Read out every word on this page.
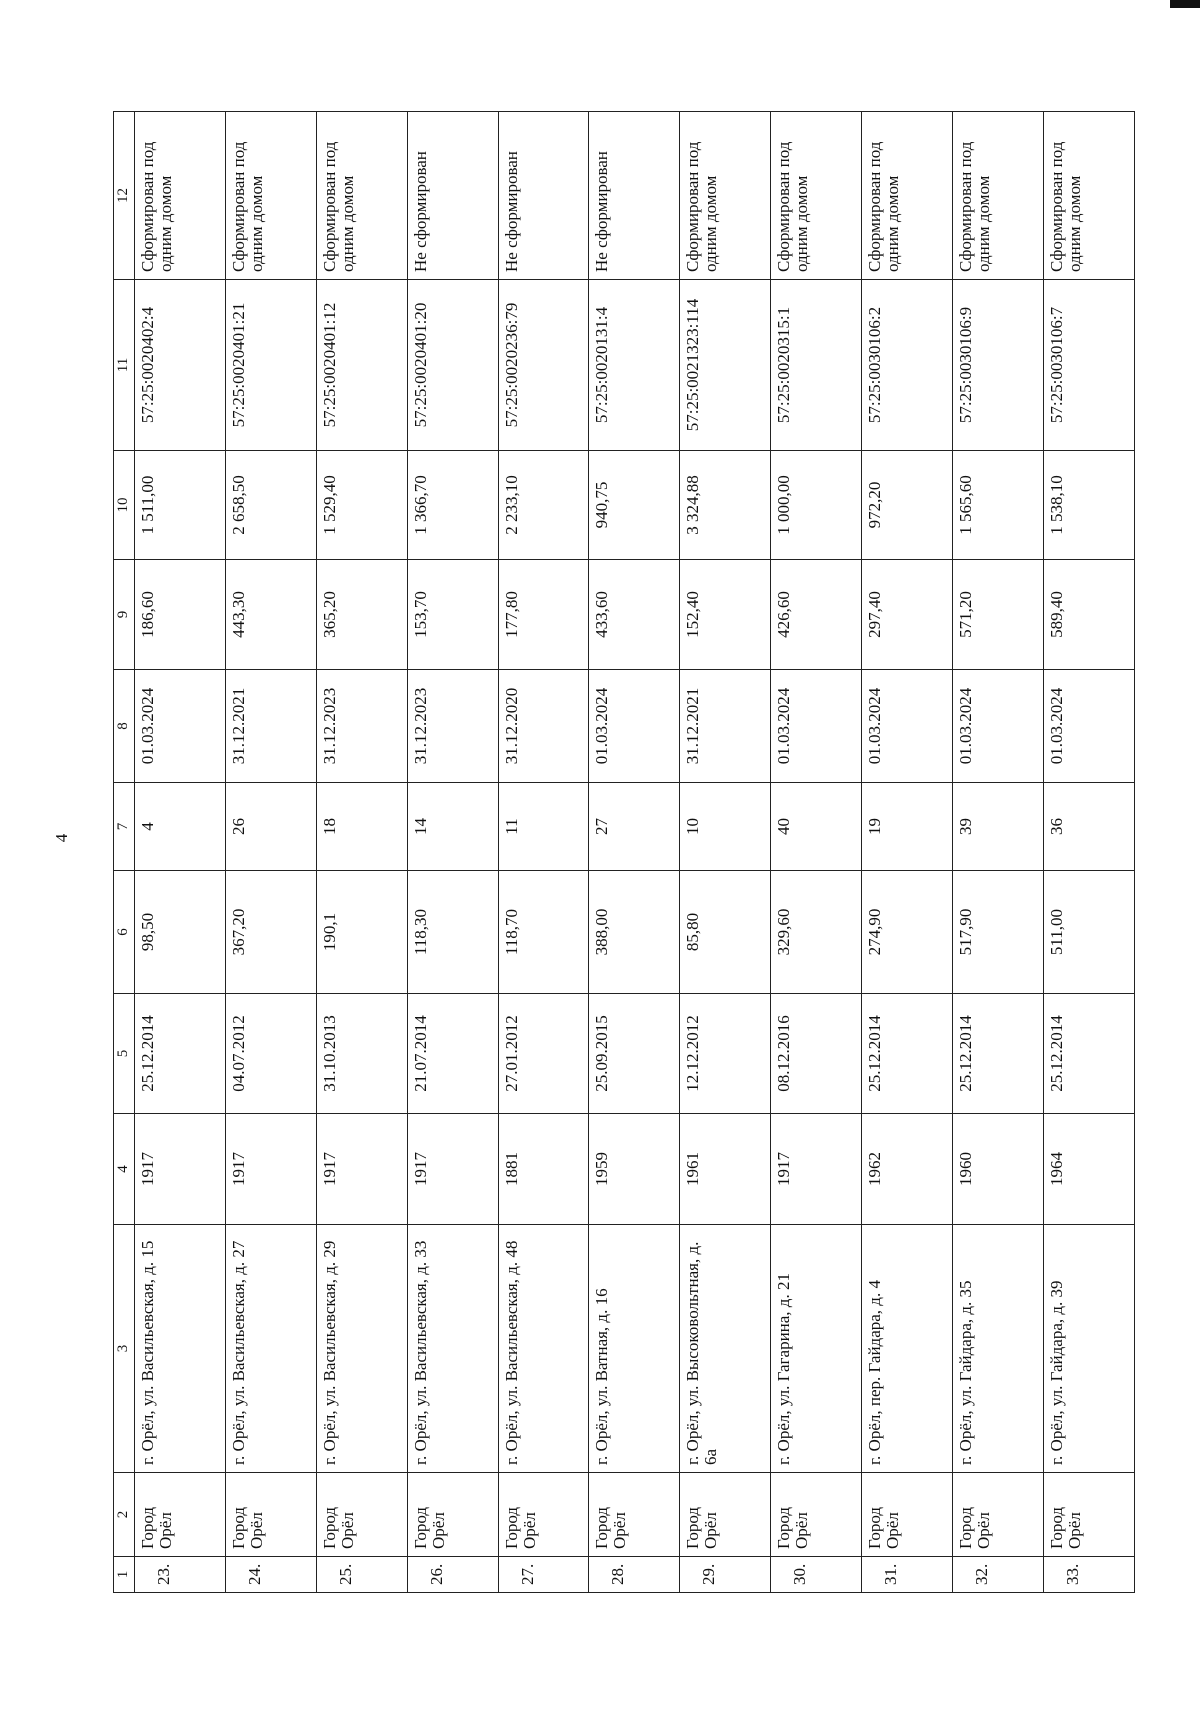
4
1	2	3	4	5	6	7	8	9	10	11	12
23.	Город Орёл	г. Орёл, ул. Васильевская, д. 15	1917	25.12.2014	98,50	4	01.03.2024	186,60	1 511,00	57:25:0020402:4	Сформирован под одним домом
24.	Город Орёл	г. Орёл, ул. Васильевская, д. 27	1917	04.07.2012	367,20	26	31.12.2021	443,30	2 658,50	57:25:0020401:21	Сформирован под одним домом
25.	Город Орёл	г. Орёл, ул. Васильевская, д. 29	1917	31.10.2013	190,1	18	31.12.2023	365,20	1 529,40	57:25:0020401:12	Сформирован под одним домом
26.	Город Орёл	г. Орёл, ул. Васильевская, д. 33	1917	21.07.2014	118,30	14	31.12.2023	153,70	1 366,70	57:25:0020401:20	Не сформирован
27.	Город Орёл	г. Орёл, ул. Васильевская, д. 48	1881	27.01.2012	118,70	11	31.12.2020	177,80	2 233,10	57:25:0020236:79	Не сформирован
28.	Город Орёл	г. Орёл, ул. Ватная, д. 16	1959	25.09.2015	388,00	27	01.03.2024	433,60	940,75	57:25:0020131:4	Не сформирован
29.	Город Орёл	г. Орёл, ул. Высоковольтная, д. 6а	1961	12.12.2012	85,80	10	31.12.2021	152,40	3 324,88	57:25:0021323:114	Сформирован под одним домом
30.	Город Орёл	г. Орёл, ул. Гагарина, д. 21	1917	08.12.2016	329,60	40	01.03.2024	426,60	1 000,00	57:25:0020315:1	Сформирован под одним домом
31.	Город Орёл	г. Орёл, пер. Гайдара, д. 4	1962	25.12.2014	274,90	19	01.03.2024	297,40	972,20	57:25:0030106:2	Сформирован под одним домом
32.	Город Орёл	г. Орёл, ул. Гайдара, д. 35	1960	25.12.2014	517,90	39	01.03.2024	571,20	1 565,60	57:25:0030106:9	Сформирован под одним домом
33.	Город Орёл	г. Орёл, ул. Гайдара, д. 39	1964	25.12.2014	511,00	36	01.03.2024	589,40	1 538,10	57:25:0030106:7	Сформирован под одним домом
